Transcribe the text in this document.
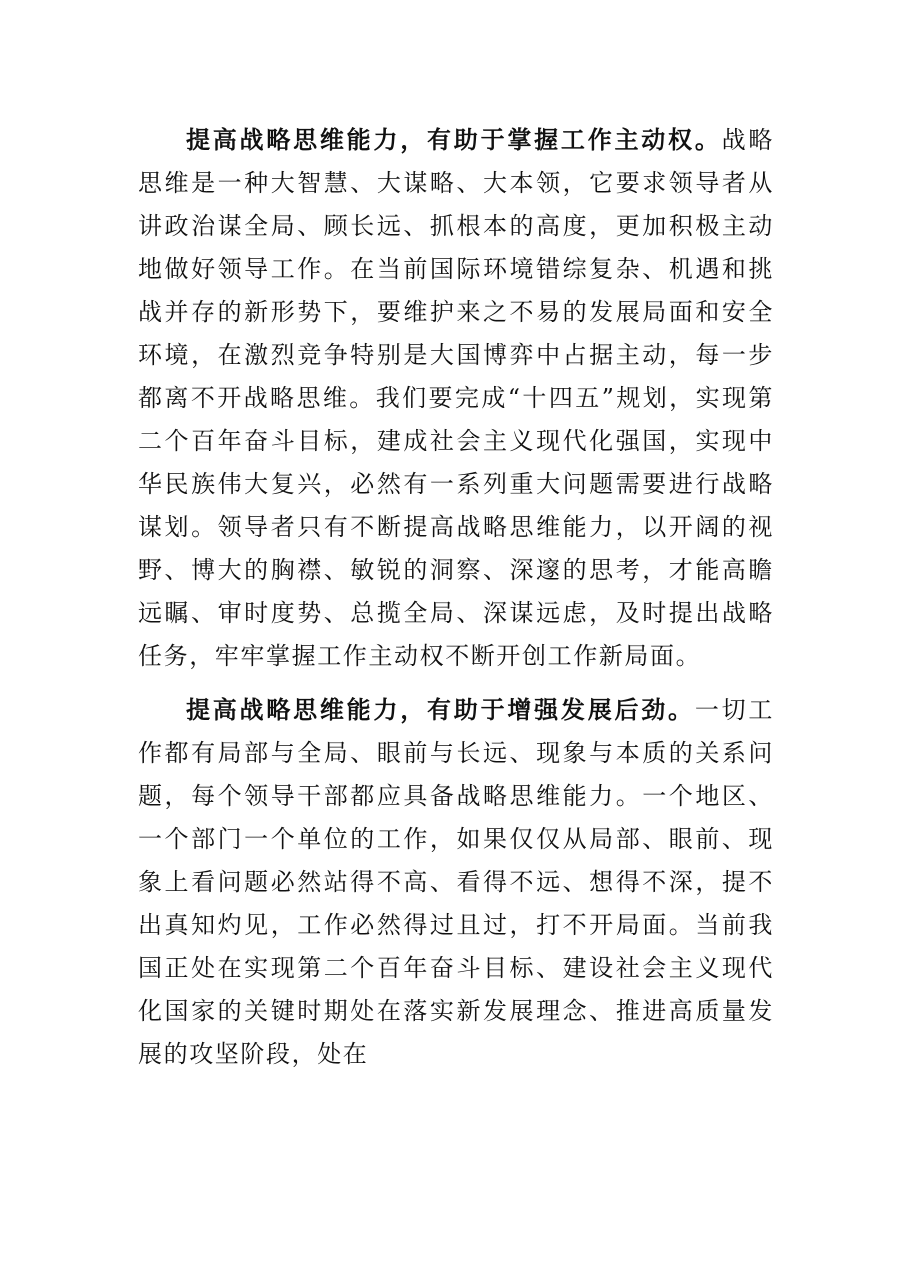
提高战略思维能力，有助于掌握工作主动权。战略思维是一种大智慧、大谋略、大本领，它要求领导者从讲政治谋全局、顾长远、抓根本的高度，更加积极主动地做好领导工作。在当前国际环境错综复杂、机遇和挑战并存的新形势下，要维护来之不易的发展局面和安全环境，在激烈竞争特别是大国博弈中占据主动，每一步都离不开战略思维。我们要完成“十四五”规划，实现第二个百年奋斗目标，建成社会主义现代化强国，实现中华民族伟大复兴，必然有一系列重大问题需要进行战略谋划。领导者只有不断提高战略思维能力，以开阔的视野、博大的胸襟、敏锐的洞察、深邃的思考，才能高瞻远瞩、审时度势、总揽全局、深谋远虑，及时提出战略任务，牢牢掌握工作主动权不断开创工作新局面。

提高战略思维能力，有助于增强发展后劲。一切工作都有局部与全局、眼前与长远、现象与本质的关系问题，每个领导干部都应具备战略思维能力。一个地区、一个部门一个单位的工作，如果仅仅从局部、眼前、现象上看问题必然站得不高、看得不远、想得不深，提不出真知灼见，工作必然得过且过，打不开局面。当前我国正处在实现第二个百年奋斗目标、建设社会主义现代化国家的关键时期处在落实新发展理念、推进高质量发展的攻坚阶段，处在
